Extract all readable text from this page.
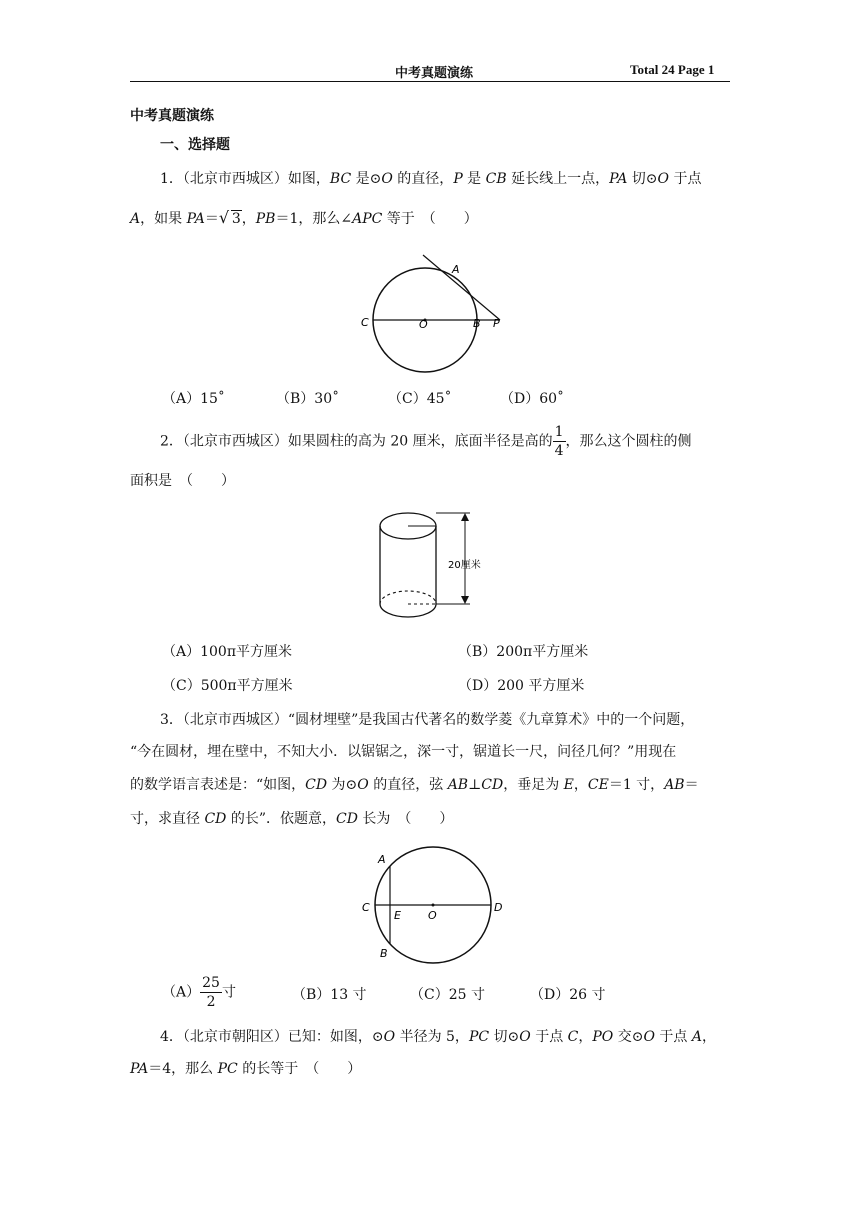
中考真题演练	Total 24 Page 1
中考真题演练
一、选择题
1．（北京市西城区）如图，BC 是⊙O 的直径，P 是 CB 延长线上一点，PA 切⊙O 于点
A，如果 PA＝√ 3，PB＝1，那么∠APC 等于　（　　）
A
C	O	B P
（A）15˚	（B）30˚	（C）45˚	（D）60˚
2．（北京市西城区）如果圆柱的高为 20 厘米，底面半径是高的 $\frac{1}{4}$ ，那么这个圆柱的侧
面积是　（　　）
20厘米
（A）100π平方厘米	（B）200π平方厘米
（C）500π平方厘米	（D）200 平方厘米
3．（北京市西城区）“圆材埋壁”是我国古代著名的数学菱《九章算术》中的一个问题，
“今在圆材，埋在壁中，不知大小．以锯锯之，深一寸，锯道长一尺，问径几何？”用现在
的数学语言表述是：“如图，CD 为⊙O 的直径，弦 AB⊥CD，垂足为 E，CE＝1 寸，AB＝
寸，求直径 CD 的长”．依题意，CD 长为　（　　）
A
C
E O
D
B
$(A) \frac{25}{2}$ 寸	（B）13 寸	（C）25 寸	（D）26 寸
4．（北京市朝阳区）已知：如图，⊙O 半径为 5，PC 切⊙O 于点 C，PO 交⊙O 于点 A，
PA＝4，那么 PC 的长等于　（　　）
